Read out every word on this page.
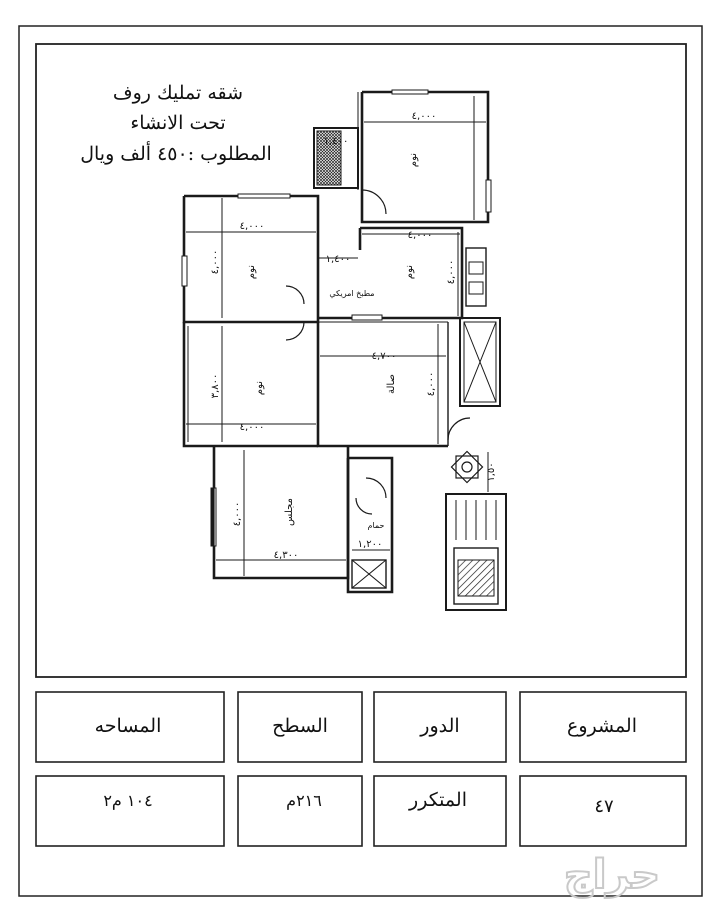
شقه تمليك روف
تحت الانشاء
المطلوب :٤٥٠ ألف ويال
٤,٠٠٠
١,٤٠٠
٤,٠٠٠
٤,٠٠٠	١,٤٠٠
٤,٠٠٠
٤,٠٠٠
٤,٧٠٠
٤,٠٠٠
٤,٠٠٠
٣,٨٠٠
٤,٣٠٠
٤,٠٠٠
١,٢٠٠
١,٥٠
نوم
نوم	نوم
مطبخ امريكي
صالة
نوم
مجلس	حمام
المساحه	السطح	الدور	المشروع
١٠٤ م٢	٢١٦م	المتكرر	٤٧
حراج
